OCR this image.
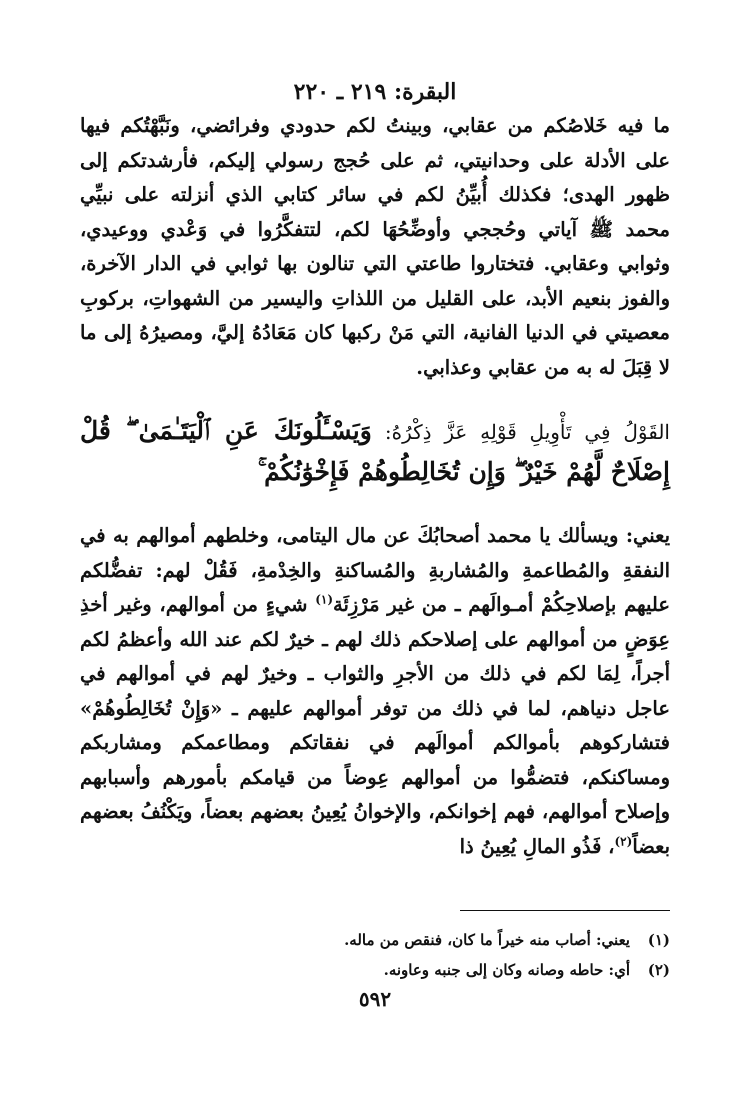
البقرة: ٢١٩ ـ ٢٢٠

ما فيه خَلاصُكم من عقابي، وبينتُ لكم حدودي وفرائضي، ونَبَّهْتُكم فيها على الأدلة على وحدانيتي، ثم على حُجج رسولي إليكم، فأرشدتكم إلى ظهور الهدى؛ فكذلك أُبيِّنُ لكم في سائر كتابي الذي أنزلته على نبيِّي محمد ﷺ آياتي وحُججي وأوضِّحُهَا لكم، لتتفكَّرُوا في وَعْدي ووعيدي، وثوابي وعقابي. فتختاروا طاعتي التي تنالون بها ثوابي في الدار الآخرة، والفوز بنعيم الأبد، على القليل من اللذاتِ واليسير من الشهواتِ، بركوبِ معصيتي في الدنيا الفانية، التي مَنْ ركبها كان مَعَادُهُ إليَّ، ومصيرُهُ إلى ما لا قِبَلَ له به من عقابي وعذابي.

القَوْلُ فِي تَأْوِيلِ قَوْلِهِ عَزَّ ذِكْرُهُ: وَيَسْـَٔلُونَكَ عَنِ ٱلْيَتَـٰمَىٰ ۖ قُلْ إِصْلَاحٌ لَّهُمْ خَيْرٌ ۖ وَإِن تُخَالِطُوهُمْ فَإِخْوَٰنُكُمْ ۚ

يعني: ويسألك يا محمد أصحابُكَ عن مال اليتامى، وخلطهم أموالهم به في النفقةِ والمُطاعمةِ والمُشاربةِ والمُساكنةِ والخِدْمةِ، فَقُلْ لهم: تفضُّلكم عليهم بإصلاحِكُمْ أمـوالَهم ـ من غير مَرْزِئَة$^{(١)}$ شيءٍ من أموالهم، وغير أخذِ عِوَضٍ من أموالهم على إصلاحكم ذلك لهم ـ خيرٌ لكم عند الله وأعظمُ لكم أجراً، لِمَا لكم في ذلك من الأجرِ والثواب ـ وخيرٌ لهم في أموالهم في عاجل دنياهم، لما في ذلك من توفر أموالهم عليهم ـ «وَإِنْ تُخَالِطُوهُمْ» فتشاركوهم بأموالكم أموالَهم في نفقاتكم ومطاعمكم ومشاربكم ومساكنكم، فتضمُّوا من أموالهم عِوضاً من قيامكم بأمورهم وأسبابهم وإصلاح أموالهم، فهم إخوانكم، والإخوانُ يُعِينُ بعضهم بعضاً، ويَكْنُفُ بعضهم بعضاً$^{(٢)}$، فَذُو المالِ يُعِينُ ذا

(١)
يعني: أصاب منه خيراً ما كان، فنقص من ماله.
(٢)
أي: حاطه وصانه وكان إلى جنبه وعاونه.
٥٩٢
